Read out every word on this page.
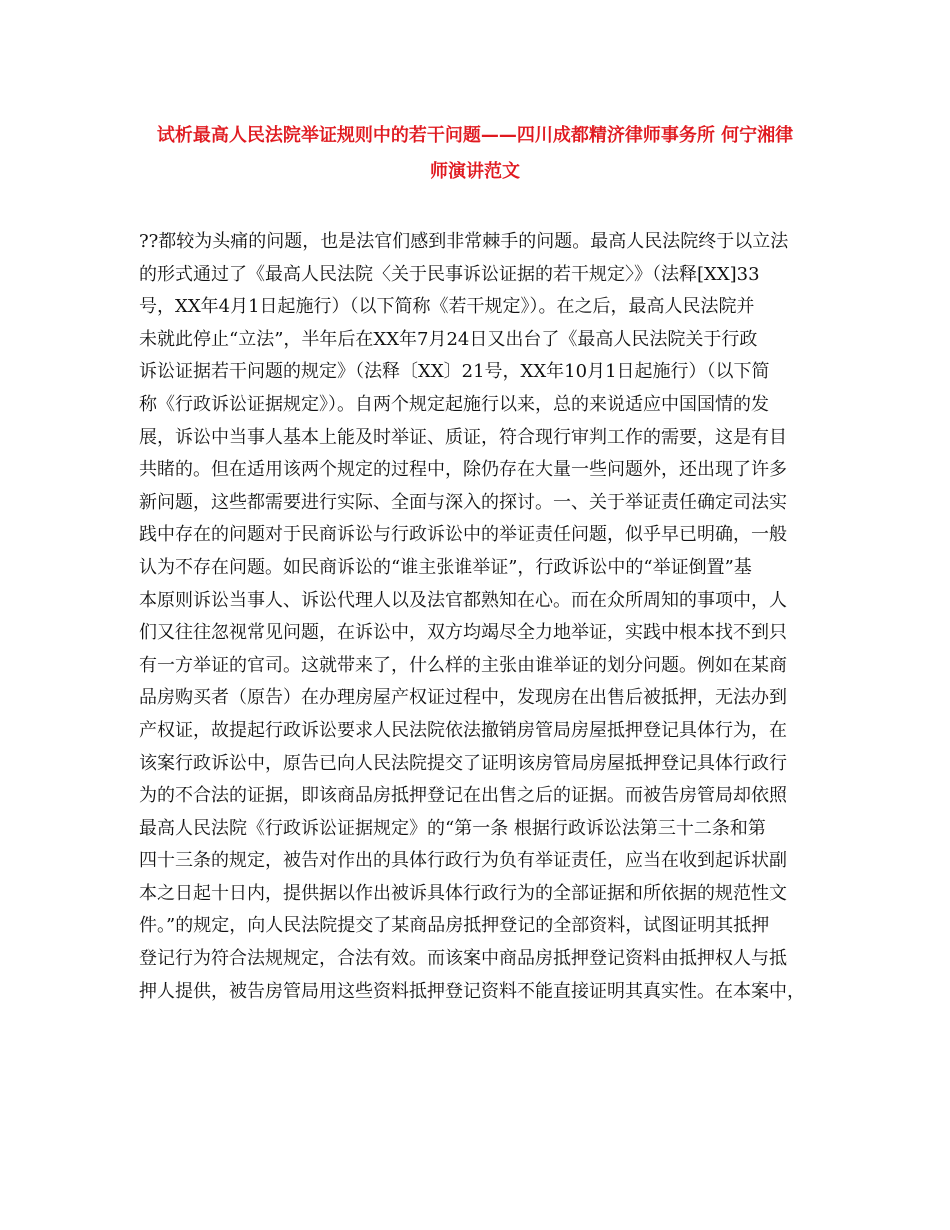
试析最高人民法院举证规则中的若干问题——四川成都精济律师事务所 何宁湘律
师演讲范文
??都较为头痛的问题，也是法官们感到非常棘手的问题。最高人民法院终于以立法
的形式通过了《最高人民法院〈关于民事诉讼证据的若干规定〉》（法释[XX]33
号，XX年4月1日起施行）（以下简称《若干规定》）。在之后，最高人民法院并
未就此停止“立法”，半年后在XX年7月24日又出台了《最高人民法院关于行政
诉讼证据若干问题的规定》（法释〔XX〕21号，XX年10月1日起施行）（以下简
称《行政诉讼证据规定》）。自两个规定起施行以来，总的来说适应中国国情的发
展，诉讼中当事人基本上能及时举证、质证，符合现行审判工作的需要，这是有目
共睹的。但在适用该两个规定的过程中，除仍存在大量一些问题外，还出现了许多
新问题，这些都需要进行实际、全面与深入的探讨。一、关于举证责任确定司法实
践中存在的问题对于民商诉讼与行政诉讼中的举证责任问题，似乎早已明确，一般
认为不存在问题。如民商诉讼的“谁主张谁举证”，行政诉讼中的“举证倒置”基
本原则诉讼当事人、诉讼代理人以及法官都熟知在心。而在众所周知的事项中，人
们又往往忽视常见问题，在诉讼中，双方均竭尽全力地举证，实践中根本找不到只
有一方举证的官司。这就带来了，什么样的主张由谁举证的划分问题。例如在某商
品房购买者（原告）在办理房屋产权证过程中，发现房在出售后被抵押，无法办到
产权证，故提起行政诉讼要求人民法院依法撤销房管局房屋抵押登记具体行为，在
该案行政诉讼中，原告已向人民法院提交了证明该房管局房屋抵押登记具体行政行
为的不合法的证据，即该商品房抵押登记在出售之后的证据。而被告房管局却依照
最高人民法院《行政诉讼证据规定》的“第一条 根据行政诉讼法第三十二条和第
四十三条的规定，被告对作出的具体行政行为负有举证责任，应当在收到起诉状副
本之日起十日内，提供据以作出被诉具体行政行为的全部证据和所依据的规范性文
件。”的规定，向人民法院提交了某商品房抵押登记的全部资料，试图证明其抵押
登记行为符合法规规定，合法有效。而该案中商品房抵押登记资料由抵押权人与抵
押人提供，被告房管局用这些资料抵押登记资料不能直接证明其真实性。在本案中，
